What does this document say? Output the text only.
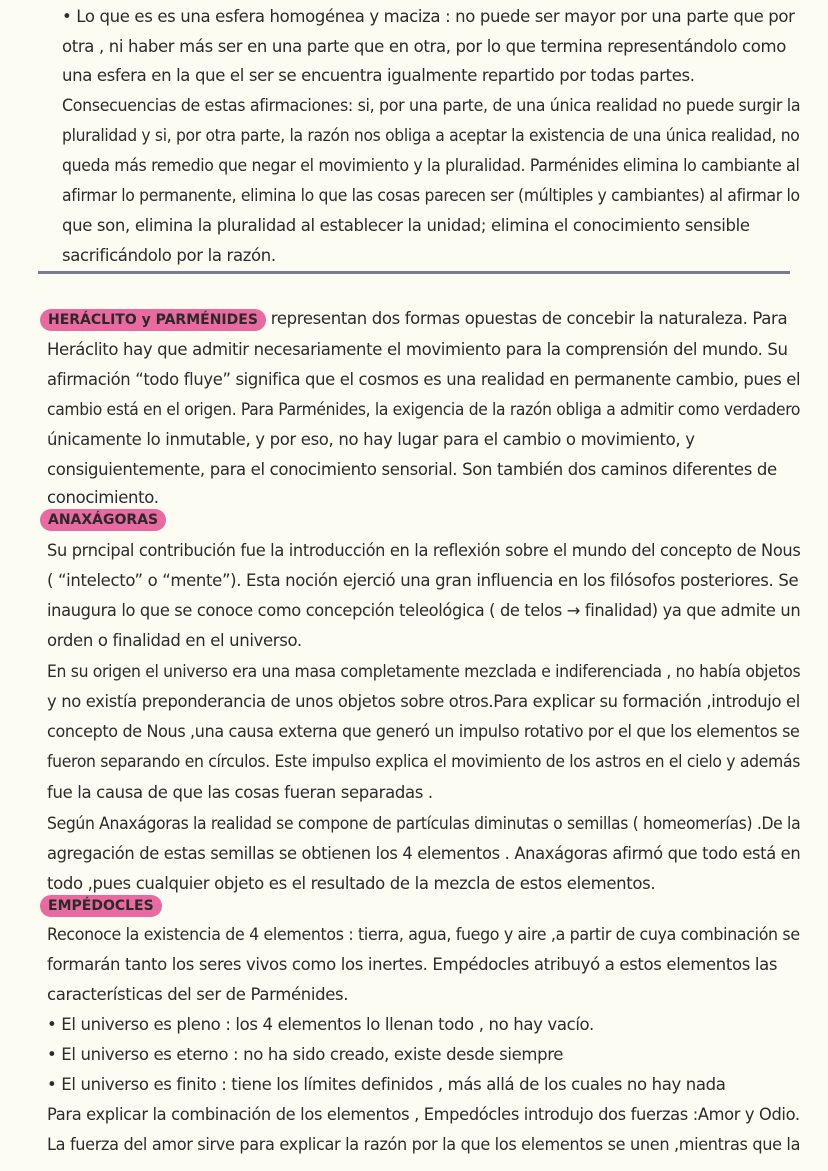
• Lo que es es una esfera homogénea y maciza : no puede ser mayor por una parte que por
otra , ni haber más ser en una parte que en otra, por lo que termina representándolo como
una esfera en la que el ser se encuentra igualmente repartido por todas partes.
Consecuencias de estas afirmaciones: si, por una parte, de una única realidad no puede surgir la
pluralidad y si, por otra parte, la razón nos obliga a aceptar la existencia de una única realidad, no
queda más remedio que negar el movimiento y la pluralidad. Parménides elimina lo cambiante al
afirmar lo permanente, elimina lo que las cosas parecen ser (múltiples y cambiantes) al afirmar lo
que son, elimina la pluralidad al establecer la unidad; elimina el conocimiento sensible
sacrificándolo por la razón.
HERÁCLITO y PARMÉNIDES representan dos formas opuestas de concebir la naturaleza. Para
Heráclito hay que admitir necesariamente el movimiento para la comprensión del mundo. Su
afirmación “todo fluye” significa que el cosmos es una realidad en permanente cambio, pues el
cambio está en el origen. Para Parménides, la exigencia de la razón obliga a admitir como verdadero
únicamente lo inmutable, y por eso, no hay lugar para el cambio o movimiento, y
consiguientemente, para el conocimiento sensorial. Son también dos caminos diferentes de
conocimiento.
ANAXÁGORAS
Su prncipal contribución fue la introducción en la reflexión sobre el mundo del concepto de Nous
( “intelecto” o “mente”). Esta noción ejerció una gran influencia en los filósofos posteriores. Se
inaugura lo que se conoce como concepción teleológica ( de telos → finalidad) ya que admite un
orden o finalidad en el universo.
En su origen el universo era una masa completamente mezclada e indiferenciada , no había objetos
y no existía preponderancia de unos objetos sobre otros.Para explicar su formación ,introdujo el
concepto de Nous ,una causa externa que generó un impulso rotativo por el que los elementos se
fueron separando en círculos. Este impulso explica el movimiento de los astros en el cielo y además
fue la causa de que las cosas fueran separadas .
Según Anaxágoras la realidad se compone de partículas diminutas o semillas ( homeomerías) .De la
agregación de estas semillas se obtienen los 4 elementos . Anaxágoras afirmó que todo está en
todo ,pues cualquier objeto es el resultado de la mezcla de estos elementos.
EMPÉDOCLES
Reconoce la existencia de 4 elementos : tierra, agua, fuego y aire ,a partir de cuya combinación se
formarán tanto los seres vivos como los inertes. Empédocles atribuyó a estos elementos las
características del ser de Parménides.
• El universo es pleno : los 4 elementos lo llenan todo , no hay vacío.
• El universo es eterno : no ha sido creado, existe desde siempre
• El universo es finito : tiene los límites definidos , más allá de los cuales no hay nada
Para explicar la combinación de los elementos , Empedócles introdujo dos fuerzas :Amor y Odio.
La fuerza del amor sirve para explicar la razón por la que los elementos se unen ,mientras que la
